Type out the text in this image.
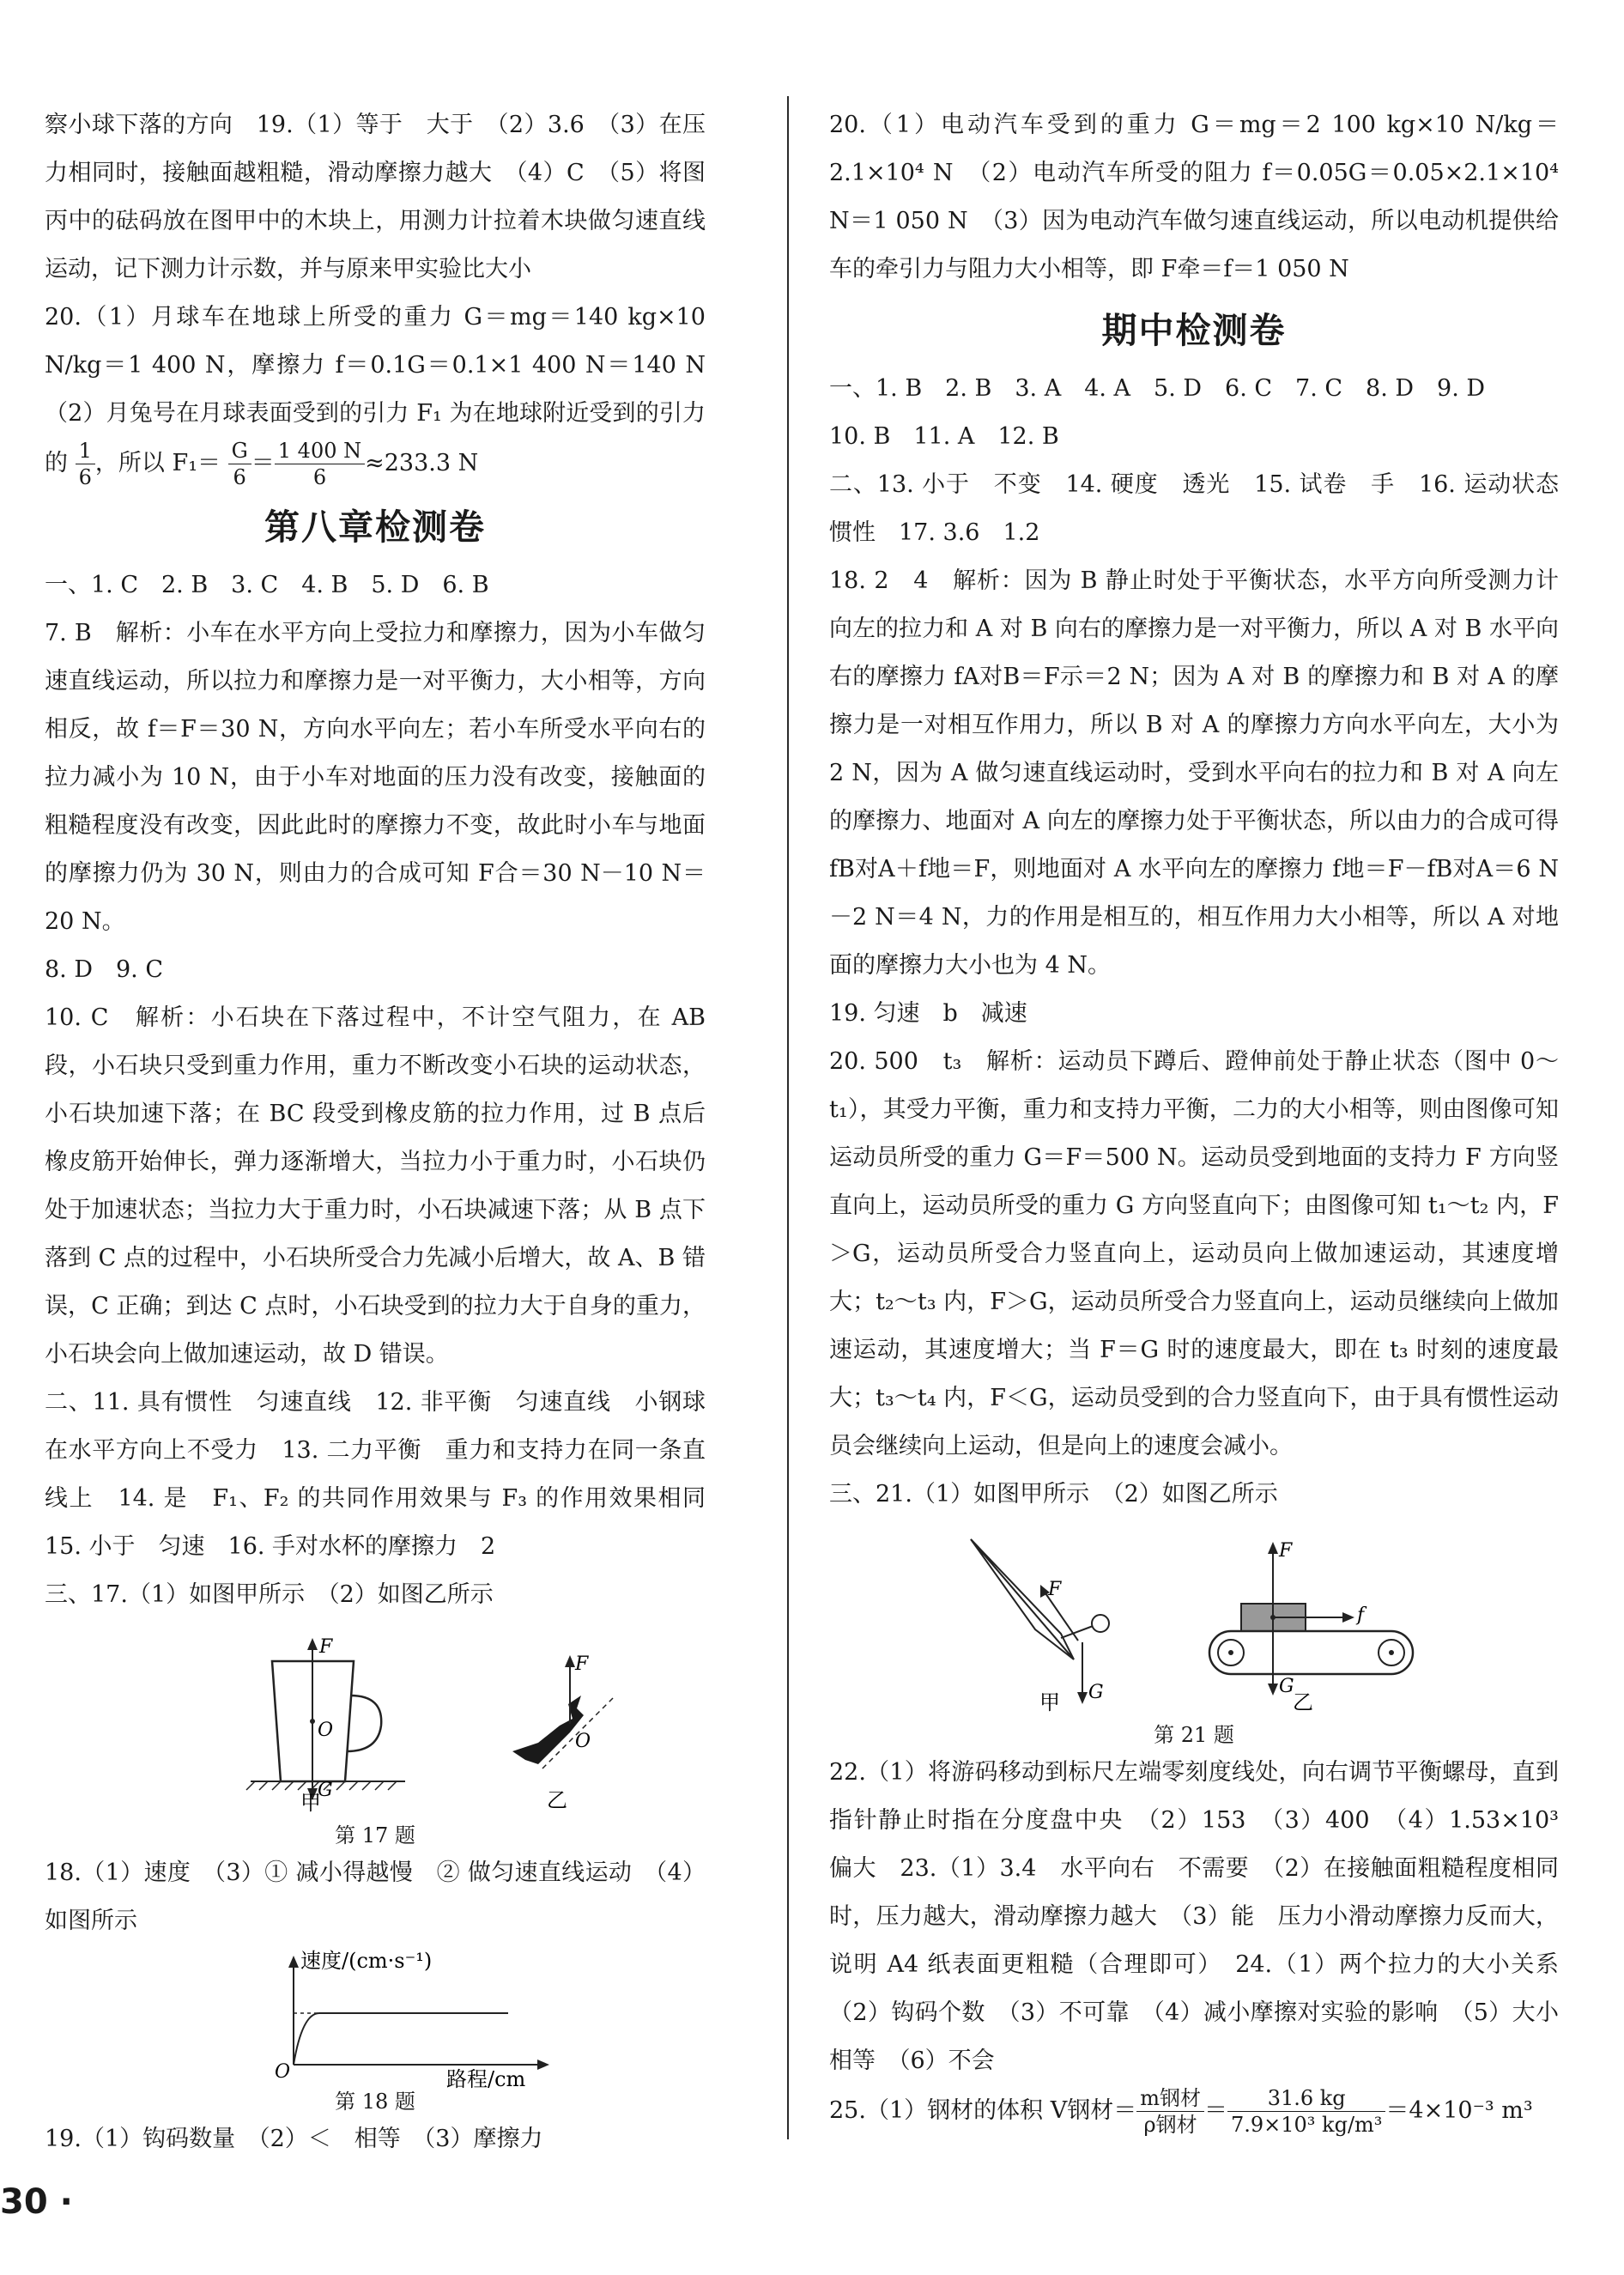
察小球下落的方向　19.（1）等于　大于　（2）3.6　（3）在压力相同时，接触面越粗糙，滑动摩擦力越大　（4）C　（5）将图丙中的砝码放在图甲中的木块上，用测力计拉着木块做匀速直线运动，记下测力计示数，并与原来甲实验比大小

20.（1）月球车在地球上所受的重力 G＝mg＝140 kg×10 N/kg＝1 400 N，摩擦力 f＝0.1G＝0.1×1 400 N＝140 N　（2）月兔号在月球表面受到的引力 F₁ 为在地球附近受到的引力的 $\frac{1}{6}$ ，所以 $F_1= \frac{G}{6} = \frac{1 400 N}{6} \approx 233.3$ N

第八章检测卷

一、1. C　2. B　3. C　4. B　5. D　6. B

7. B　解析：小车在水平方向上受拉力和摩擦力，因为小车做匀速直线运动，所以拉力和摩擦力是一对平衡力，大小相等，方向相反，故 f＝F＝30 N，方向水平向左；若小车所受水平向右的拉力减小为 10 N，由于小车对地面的压力没有改变，接触面的粗糙程度没有改变，因此此时的摩擦力不变，故此时小车与地面的摩擦力仍为 30 N，则由力的合成可知 F合＝30 N－10 N＝20 N。

8. D　9. C

10. C　解析：小石块在下落过程中，不计空气阻力，在 AB 段，小石块只受到重力作用，重力不断改变小石块的运动状态，小石块加速下落；在 BC 段受到橡皮筋的拉力作用，过 B 点后橡皮筋开始伸长，弹力逐渐增大，当拉力小于重力时，小石块仍处于加速状态；当拉力大于重力时，小石块减速下落；从 B 点下落到 C 点的过程中，小石块所受合力先减小后增大，故 A、B 错误，C 正确；到达 C 点时，小石块受到的拉力大于自身的重力，小石块会向上做加速运动，故 D 错误。

二、11. 具有惯性　匀速直线　12. 非平衡　匀速直线　小钢球在水平方向上不受力　13. 二力平衡　重力和支持力在同一条直线上　14. 是　F₁、F₂ 的共同作用效果与 F₃ 的作用效果相同　15. 小于　匀速　16. 手对水杯的摩擦力　2

三、17.（1）如图甲所示　（2）如图乙所示

F
O
G
甲
F
O
乙
第 17 题

18.（1）速度　（3）① 减小得越慢　② 做匀速直线运动　（4）如图所示

速度/(cm·s⁻¹)
O	路程/cm
第 18 题

19.（1）钩码数量　（2）＜　相等　（3）摩擦力

20.（1）电动汽车受到的重力 G＝mg＝2 100 kg×10 N/kg＝2.1×10⁴ N　（2）电动汽车所受的阻力 f＝0.05G＝0.05×2.1×10⁴ N＝1 050 N　（3）因为电动汽车做匀速直线运动，所以电动机提供给车的牵引力与阻力大小相等，即 F牵＝f＝1 050 N

期中检测卷

一、1. B　2. B　3. A　4. A　5. D　6. C　7. C　8. D　9. D

10. B　11. A　12. B

二、13. 小于　不变　14. 硬度　透光　15. 试卷　手　16. 运动状态　惯性　17. 3.6　1.2

18. 2　4　解析：因为 B 静止时处于平衡状态，水平方向所受测力计向左的拉力和 A 对 B 向右的摩擦力是一对平衡力，所以 A 对 B 水平向右的摩擦力 fA对B＝F示＝2 N；因为 A 对 B 的摩擦力和 B 对 A 的摩擦力是一对相互作用力，所以 B 对 A 的摩擦力方向水平向左，大小为 2 N，因为 A 做匀速直线运动时，受到水平向右的拉力和 B 对 A 向左的摩擦力、地面对 A 向左的摩擦力处于平衡状态，所以由力的合成可得 fB对A＋f地＝F，则地面对 A 水平向左的摩擦力 f地＝F－fB对A＝6 N－2 N＝4 N，力的作用是相互的，相互作用力大小相等，所以 A 对地面的摩擦力大小也为 4 N。

19. 匀速　b　减速

20. 500　t₃　解析：运动员下蹲后、蹬伸前处于静止状态（图中 0～t₁），其受力平衡，重力和支持力平衡，二力的大小相等，则由图像可知运动员所受的重力 G＝F＝500 N。运动员受到地面的支持力 F 方向竖直向上，运动员所受的重力 G 方向竖直向下；由图像可知 t₁～t₂ 内，F＞G，运动员所受合力竖直向上，运动员向上做加速运动，其速度增大；t₂～t₃ 内，F＞G，运动员所受合力竖直向上，运动员继续向上做加速运动，其速度增大；当 F＝G 时的速度最大，即在 t₃ 时刻的速度最大；t₃～t₄ 内，F＜G，运动员受到的合力竖直向下，由于具有惯性运动员会继续向上运动，但是向上的速度会减小。

三、21.（1）如图甲所示　（2）如图乙所示

F
G
甲
F
G
f
乙
第 21 题

22.（1）将游码移动到标尺左端零刻度线处，向右调节平衡螺母，直到指针静止时指在分度盘中央　（2）153　（3）400　（4）1.53×10³　偏大　23.（1）3.4　水平向右　不需要　（2）在接触面粗糙程度相同时，压力越大，滑动摩擦力越大　（3）能　压力小滑动摩擦力反而大，说明 A4 纸表面更粗糙（合理即可）　24.（1）两个拉力的大小关系　（2）钩码个数　（3）不可靠　（4）减小摩擦对实验的影响　（5）大小相等　（6）不会

25.（1）钢材的体积 V钢材＝ $\frac{\text{m钢材}}{\text{ρ钢材}} = \frac{31.6 kg}{\text{7.9×10³ kg/m³}} =4\times 10^{-3}$ m³

30 ·
